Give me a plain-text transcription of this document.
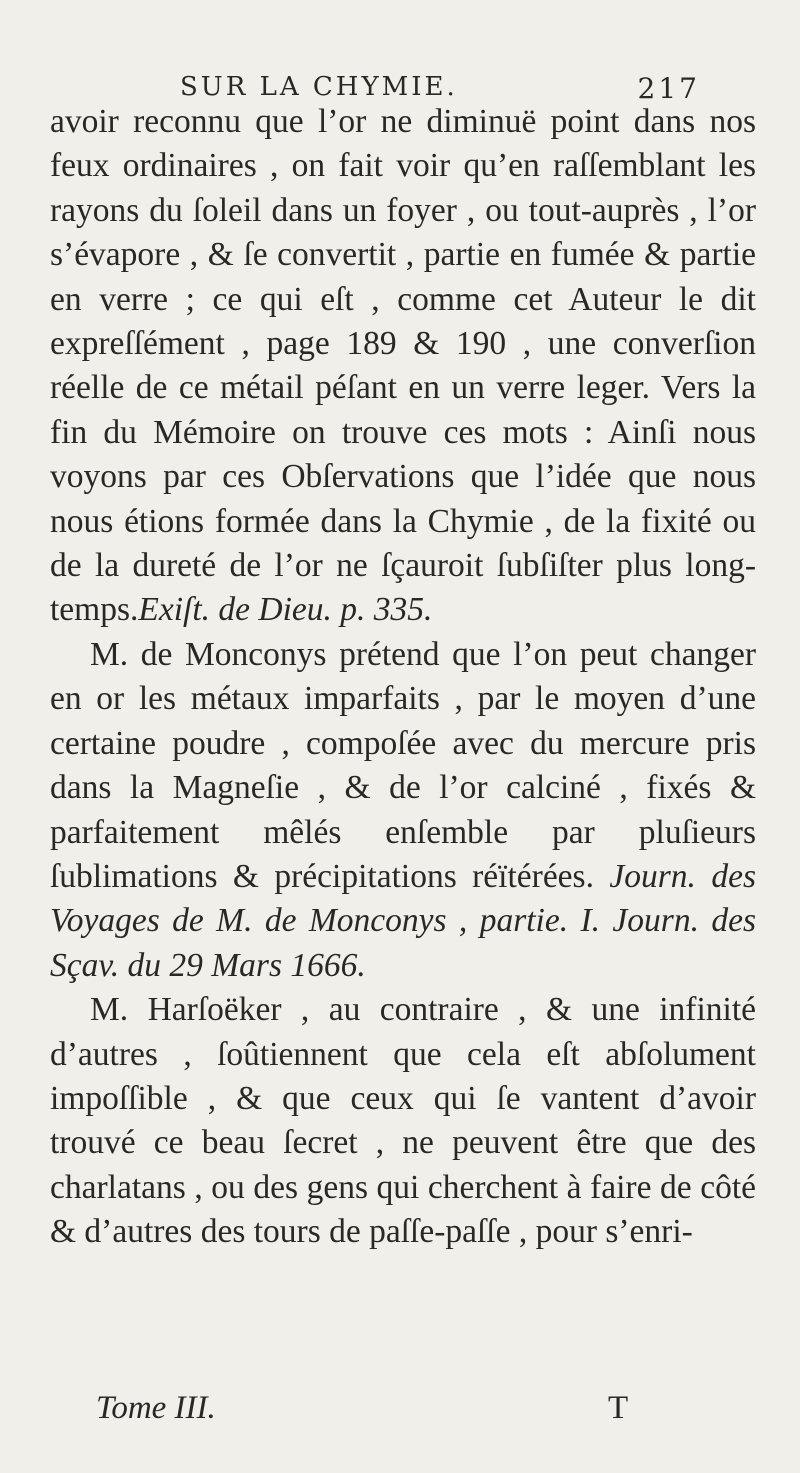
SUR LA CHYMIE.	217

avoir reconnu que l’or ne diminuë point dans nos feux ordinaires , on fait voir qu’en raſſemblant les rayons du ſoleil dans un foyer , ou tout-auprès , l’or s’évapore , & ſe convertit , partie en fumée & partie en verre ; ce qui eſt , comme cet Auteur le dit expreſſément , page 189 & 190 , une converſion réelle de ce métail péſant en un verre leger. Vers la fin du Mémoire on trouve ces mots : Ainſi nous voyons par ces Obſervations que l’idée que nous nous étions formée dans la Chymie , de la fixité ou de la dureté de l’or ne ſçauroit ſubſiſter plus long-temps.Exiſt. de Dieu. p. 335.

M. de Monconys prétend que l’on peut changer en or les métaux imparfaits , par le moyen d’une certaine poudre , compoſée avec du mercure pris dans la Magneſie , & de l’or calciné , fixés & parfaitement mêlés enſemble par pluſieurs ſublimations & précipitations réïtérées. Journ. des Voyages de M. de Monconys , partie. I. Journ. des Sçav. du 29 Mars 1666.

M. Harſoëker , au contraire , & une infinité d’autres , ſoûtiennent que cela eſt abſolument impoſſible , & que ceux qui ſe vantent d’avoir trouvé ce beau ſecret , ne peuvent être que des charlatans , ou des gens qui cherchent à faire de côté & d’autres des tours de paſſe-paſſe , pour s’enri-

Tome III.	T
